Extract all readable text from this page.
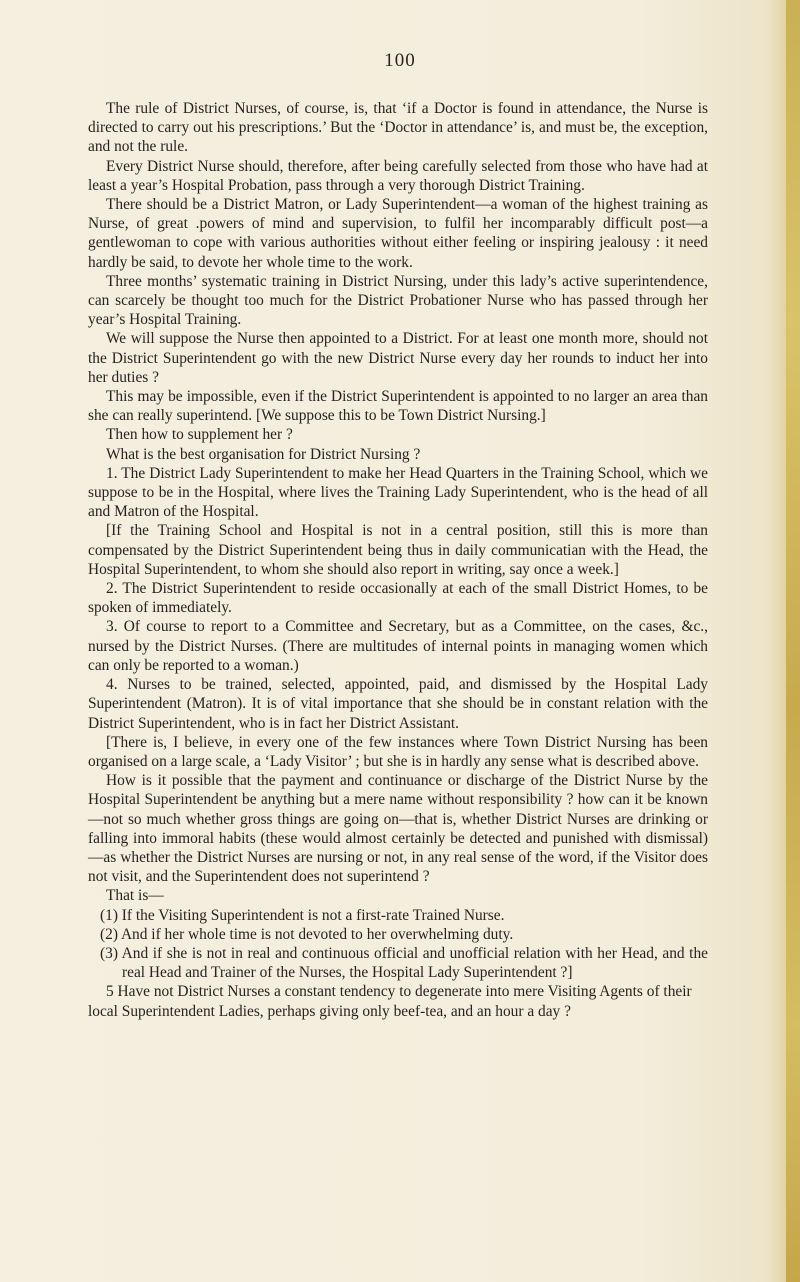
100

The rule of District Nurses, of course, is, that ‘if a Doctor is found in attendance, the Nurse is directed to carry out his prescriptions.’ But the ‘Doctor in attendance’ is, and must be, the exception, and not the rule.

Every District Nurse should, therefore, after being carefully selected from those who have had at least a year’s Hospital Probation, pass through a very thorough District Training.

There should be a District Matron, or Lady Superintendent—a woman of the highest training as Nurse, of great .powers of mind and supervision, to fulfil her incomparably difficult post—a gentlewoman to cope with various authorities without either feeling or inspiring jealousy : it need hardly be said, to devote her whole time to the work.

Three months’ systematic training in District Nursing, under this lady’s active superintendence, can scarcely be thought too much for the District Probationer Nurse who has passed through her year’s Hospital Training.

We will suppose the Nurse then appointed to a District. For at least one month more, should not the District Superintendent go with the new District Nurse every day her rounds to induct her into her duties ?

This may be impossible, even if the District Superintendent is appointed to no larger an area than she can really superintend. [We suppose this to be Town District Nursing.]

Then how to supplement her ?

What is the best organisation for District Nursing ?

1. The District Lady Superintendent to make her Head Quarters in the Training School, which we suppose to be in the Hospital, where lives the Training Lady Superintendent, who is the head of all and Matron of the Hospital.

[If the Training School and Hospital is not in a central position, still this is more than compensated by the District Superintendent being thus in daily communicatian with the Head, the Hospital Superintendent, to whom she should also report in writing, say once a week.]

2. The District Superintendent to reside occasionally at each of the small District Homes, to be spoken of immediately.

3. Of course to report to a Committee and Secretary, but as a Committee, on the cases, &c., nursed by the District Nurses. (There are multitudes of internal points in managing women which can only be reported to a woman.)

4. Nurses to be trained, selected, appointed, paid, and dismissed by the Hospital Lady Superintendent (Matron). It is of vital importance that she should be in constant relation with the District Superintendent, who is in fact her District Assistant.

[There is, I believe, in every one of the few instances where Town District Nursing has been organised on a large scale, a ‘Lady Visitor’ ; but she is in hardly any sense what is described above.

How is it possible that the payment and continuance or discharge of the District Nurse by the Hospital Superintendent be anything but a mere name without responsibility ? how can it be known—not so much whether gross things are going on—that is, whether District Nurses are drinking or falling into immoral habits (these would almost certainly be detected and punished with dismissal)—as whether the District Nurses are nursing or not, in any real sense of the word, if the Visitor does not visit, and the Superintendent does not superintend ?

That is—

(1) If the Visiting Superintendent is not a first-rate Trained Nurse.

(2) And if her whole time is not devoted to her overwhelming duty.

(3) And if she is not in real and continuous official and unofficial relation with her Head, and the real Head and Trainer of the Nurses, the Hospital Lady Superintendent ?]

5 Have not District Nurses a constant tendency to degenerate into mere Visiting Agents of their local Superintendent Ladies, perhaps giving only beef-tea, and an hour a day ?
